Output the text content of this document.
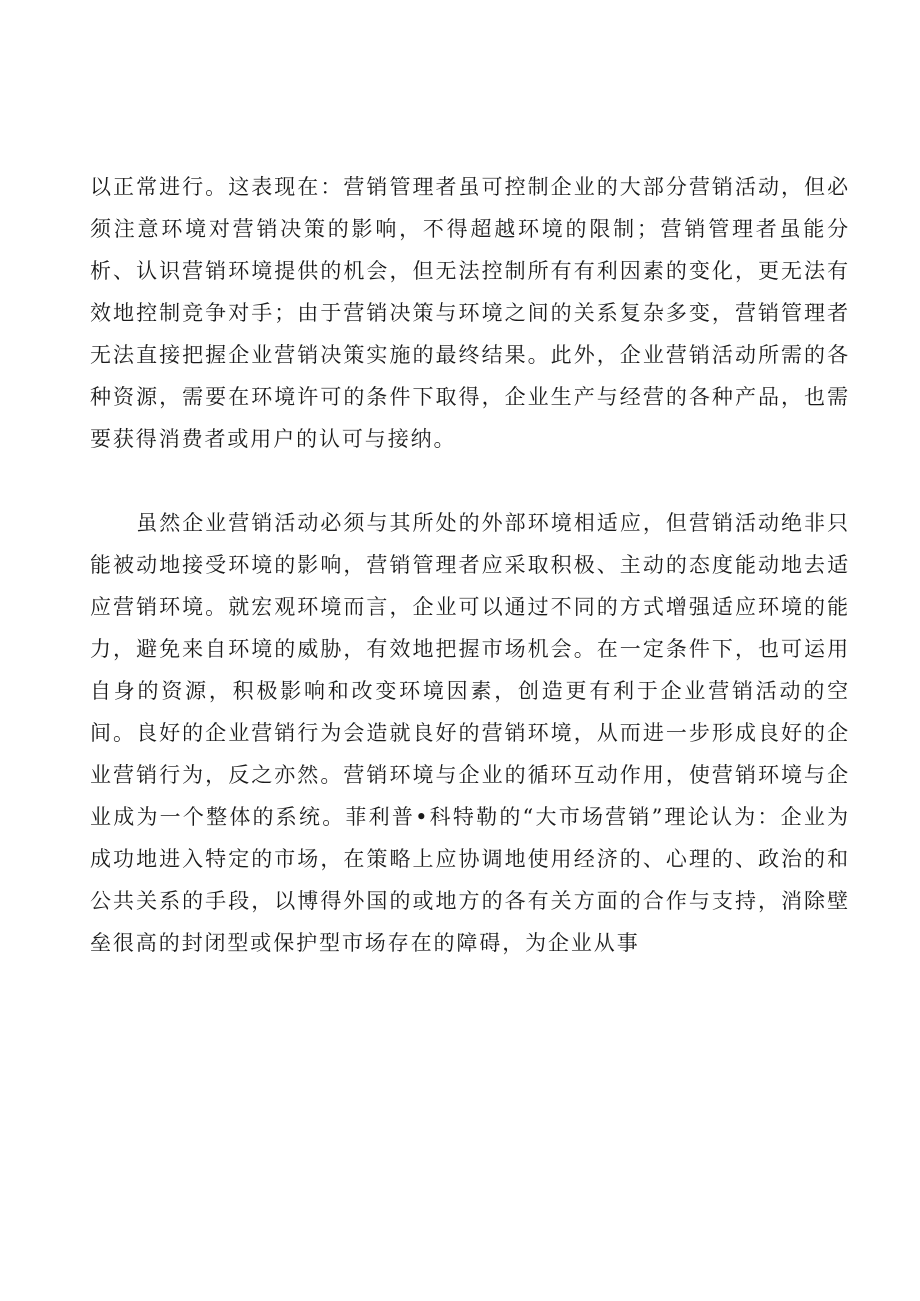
以正常进行。这表现在：营销管理者虽可控制企业的大部分营销活动，但必须注意环境对营销决策的影响，不得超越环境的限制；营销管理者虽能分析、认识营销环境提供的机会，但无法控制所有有利因素的变化，更无法有效地控制竞争对手；由于营销决策与环境之间的关系复杂多变，营销管理者无法直接把握企业营销决策实施的最终结果。此外，企业营销活动所需的各种资源，需要在环境许可的条件下取得，企业生产与经营的各种产品，也需要获得消费者或用户的认可与接纳。

虽然企业营销活动必须与其所处的外部环境相适应，但营销活动绝非只能被动地接受环境的影响，营销管理者应采取积极、主动的态度能动地去适应营销环境。就宏观环境而言，企业可以通过不同的方式增强适应环境的能力，避免来自环境的威胁，有效地把握市场机会。在一定条件下，也可运用自身的资源，积极影响和改变环境因素，创造更有利于企业营销活动的空间。良好的企业营销行为会造就良好的营销环境，从而进一步形成良好的企业营销行为，反之亦然。营销环境与企业的循环互动作用，使营销环境与企业成为一个整体的系统。菲利普•科特勒的“大市场营销”理论认为：企业为成功地进入特定的市场，在策略上应协调地使用经济的、心理的、政治的和公共关系的手段，以博得外国的或地方的各有关方面的合作与支持，消除壁垒很高的封闭型或保护型市场存在的障碍，为企业从事
